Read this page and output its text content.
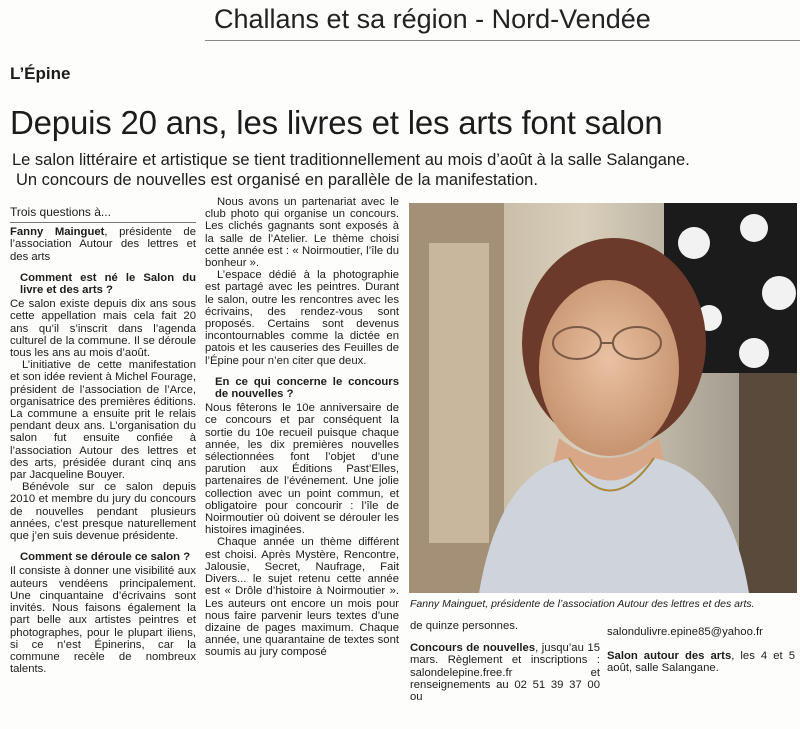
Challans et sa région - Nord-Vendée
L’Épine
Depuis 20 ans, les livres et les arts font salon
Le salon littéraire et artistique se tient traditionnellement au mois d’août à la salle Salangane.
Un concours de nouvelles est organisé en parallèle de la manifestation.
Trois questions à...

Fanny Mainguet, présidente de l’association Autour des lettres et des arts

Comment est né le Salon du livre et des arts ?

Ce salon existe depuis dix ans sous cette appellation mais cela fait 20 ans qu’il s’inscrit dans l’agenda culturel de la commune. Il se déroule tous les ans au mois d’août.

L’initiative de cette manifestation et son idée revient à Michel Fourage, président de l’association de l’Arce, organisatrice des premières éditions. La commune a ensuite prit le relais pendant deux ans. L’organisation du salon fut ensuite confiée à l’association Autour des lettres et des arts, présidée durant cinq ans par Jacqueline Bouyer.

Bénévole sur ce salon depuis 2010 et membre du jury du concours de nouvelles pendant plusieurs années, c’est presque naturellement que j’en suis devenue présidente.

Comment se déroule ce salon ?

Il consiste à donner une visibilité aux auteurs vendéens principalement. Une cinquantaine d’écrivains sont invités. Nous faisons également la part belle aux artistes peintres et photographes, pour le plupart iliens, si ce n’est Épinerins, car la commune recèle de nombreux talents.

Nous avons un partenariat avec le club photo qui organise un concours. Les clichés gagnants sont exposés à la salle de l’Atelier. Le thème choisi cette année est : « Noirmoutier, l’île du bonheur ».

L’espace dédié à la photographie est partagé avec les peintres. Durant le salon, outre les rencontres avec les écrivains, des rendez-vous sont proposés. Certains sont devenus incontournables comme la dictée en patois et les causeries des Feuilles de l’Épine pour n’en citer que deux.

En ce qui concerne le concours de nouvelles ?

Nous fêterons le 10e anniversaire de ce concours et par conséquent la sortie du 10e recueil puisque chaque année, les dix premières nouvelles sélectionnées font l’objet d’une parution aux Éditions Past’Elles, partenaires de l’événement. Une jolie collection avec un point commun, et obligatoire pour concourir : l’île de Noirmoutier où doivent se dérouler les histoires imaginées.

Chaque année un thème différent est choisi. Après Mystère, Rencontre, Jalousie, Secret, Naufrage, Fait Divers... le sujet retenu cette année est « Drôle d’histoire à Noirmoutier ». Les auteurs ont encore un mois pour nous faire parvenir leurs textes d’une dizaine de pages maximum. Chaque année, une quarantaine de textes sont soumis au jury composé

Fanny Mainguet, présidente de l’association Autour des lettres et des arts.

de quinze personnes.

Concours de nouvelles, jusqu’au 15 mars. Règlement et inscriptions : salondelepine.free.fr et renseignements au 02 51 39 37 00 ou

salondulivre.epine85@yahoo.fr

Salon autour des arts, les 4 et 5 août, salle Salangane.
